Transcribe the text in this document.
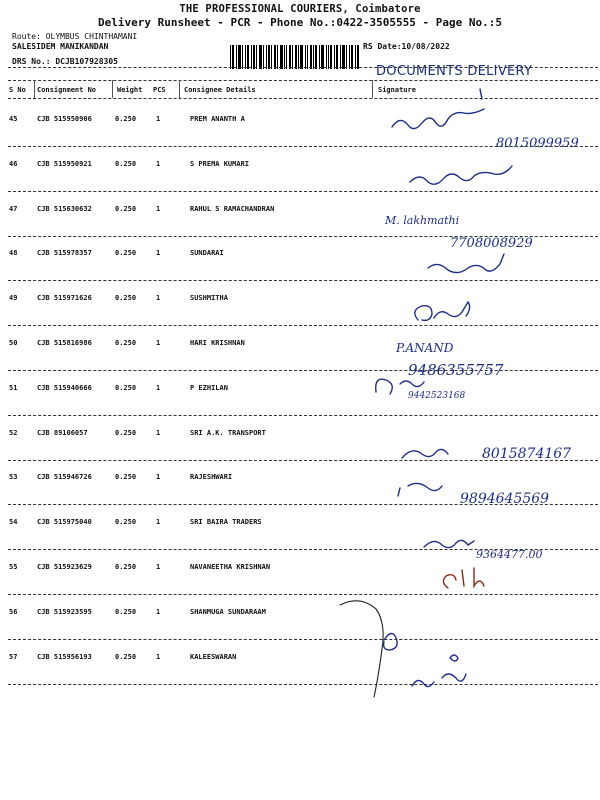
THE PROFESSIONAL COURIERS, Coimbatore
Delivery Runsheet - PCR - Phone No.:0422-3505555 - Page No.:5
Route: OLYMBUS CHINTHAMANI
SALESIDEM MANIKANDAN
DRS No.: DCJB107928305
RS Date:10/08/2022
DOCUMENTS DELIVERY
S No Consignment No	Weight PCS	Consignee Details	Signature
45	CJB 515950906	0.250	1	PREM ANANTH A
46	CJB 515950921	0.250	1	S PREMA KUMARI
47	CJB 515630632	0.250	1	RAHUL S RAMACHANDRAN
48	CJB 515978357	0.250	1	SUNDARAI
49	CJB 515971626	0.250	1	SUSHMITHA
50	CJB 515816986	0.250	1	HARI KRISHNAN
51	CJB 515940666	0.250	1	P EZHILAN
52	CJB 89106057	0.250	1	SRI A.K. TRANSPORT
53	CJB 515946726	0.250	1	RAJESHWARI
54	CJB 515975040	0.250	1	SRI BAIRA TRADERS
55	CJB 515923629	0.250	1	NAVANEETHA KRISHNAN
56	CJB 515923595	0.250	1	SHANMUGA SUNDARAAM
57	CJB 515956193	0.250	1	KALEESWARAN
8015099959
M. lakhmathi
7708008929
P.ANAND
9486355757
9442523168
8015874167
9894645569
9364477.00
